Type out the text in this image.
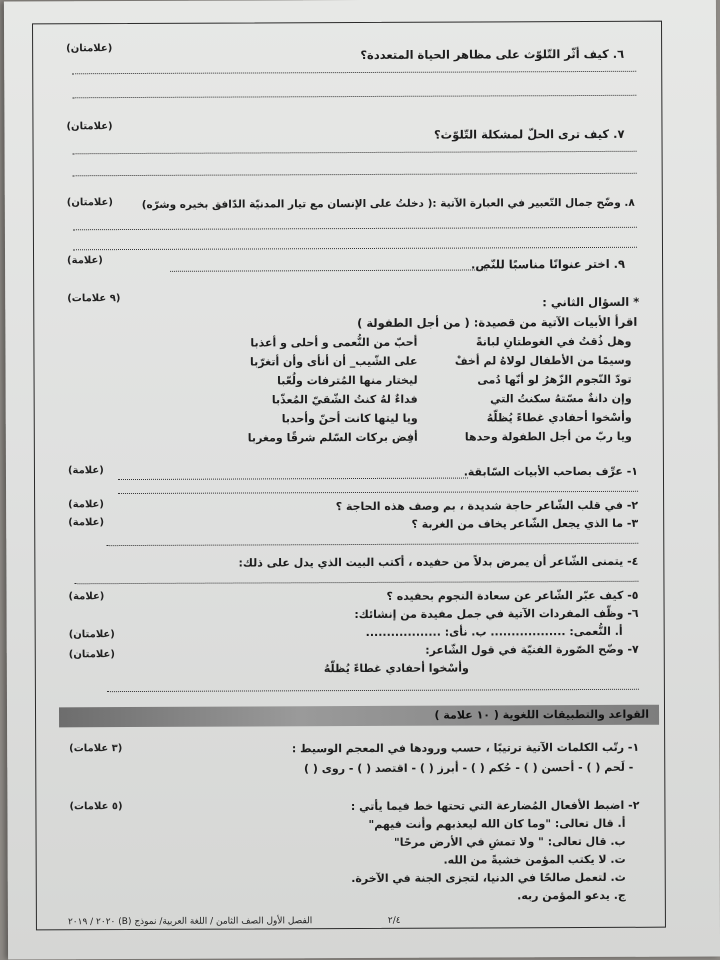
٦. كيف أثّر التّلوّث على مظاهر الحياة المتعددة؟
(علامتان)
٧. كيف ترى الحلّ لمشكلة التّلوّث؟
(علامتان)
٨. وضّح جمال التّعبير في العبارة الآتية :( دخلتُ على الإنسان مع تيار المدنيّة الدّافق بخيره وشرّه)
(علامتان)
٩. اختر عنوانًا مناسبًا للنّص.
(علامة)
* السؤال الثاني :
(٩ علامات)
اقرأ الأبيات الآتية من قصيدة: ( من أجل الطفولة )
أحبّ من النُّعمى و أحلى و أعذبا	وهل ذُقتُ في الغوطتانِ لبانةً
على الشّيب_ أن أنأى وأن أتغرّبا	وسيمًا من الأطفال لولاهُ لم أخفْ
ليختار منها المُترفات ولُعّبا	تودّ النّجوم الزّهرُ لو أنّها دُمى
فداءٌ لهُ كنتُ الشّقيّ المُعذّبا	وإن دانةٌ مسّتهُ سكنتُ التي
ويا ليتها كانت أحنّ وأحدبا	وأسْخوا أحفادي غطاءً يُظلّهُ
أفِض بركات السّلم شرقًا ومغربا	ويا ربّ من أجل الطفولة وحدها
١- عرِّف بصاحب الأبيات السّابقة.
(علامة)
٢- في قلب الشّاعر حاجة شديدة ، بم وصف هذه الحاجة ؟
(علامة)
٣- ما الذي يجعل الشّاعر يخاف من الغربة ؟
(علامة)
٤- يتمنى الشّاعر أن يمرض بدلاً من حفيده ، أكتب البيت الذي يدل على ذلك:
٥- كيف عبّر الشّاعر عن سعادة النجوم بحفيده ؟
(علامة)
٦- وظّف المفردات الآتية في جمل مفيدة من إنشائك:
(علامتان)	أ. النُّعمى: .................. ب. نأى: ..................
٧- وضّح الصّورة الفنيّة في قول الشّاعر:
(علامتان)
وأسْخوا أحفادي غطاءً يُظلّهُ
القواعد والتطبيقات اللغوية ( ١٠ علامة )
١- رتّب الكلمات الآتية ترتيبًا ، حسب ورودها في المعجم الوسيط :
(٣ علامات)
- لَحم ( ) - أحسن ( ) - حُكم ( ) - أبرز ( ) - اقتصد ( ) - روى ( )
٢- اضبط الأفعال المُضارعة التي تحتها خط فيما يأتي :
(٥ علامات)
أ. قال تعالى: "وما كان الله ليعذبهم وأنت فيهم"
ب. قال تعالى: " ولا تمشِ في الأرض مرحًا"
ت. لا يكتب المؤمن خشيةً من الله.
ث. لتعمل صالحًا في الدنيا، لتجزى الجنة في الآخرة.
ج. يدعو المؤمن ربه.
الفصل الأول الصف الثامن / اللغة العربية/ نموذج (B) ٢٠٢٠ / ٢٠١٩	٢/٤
